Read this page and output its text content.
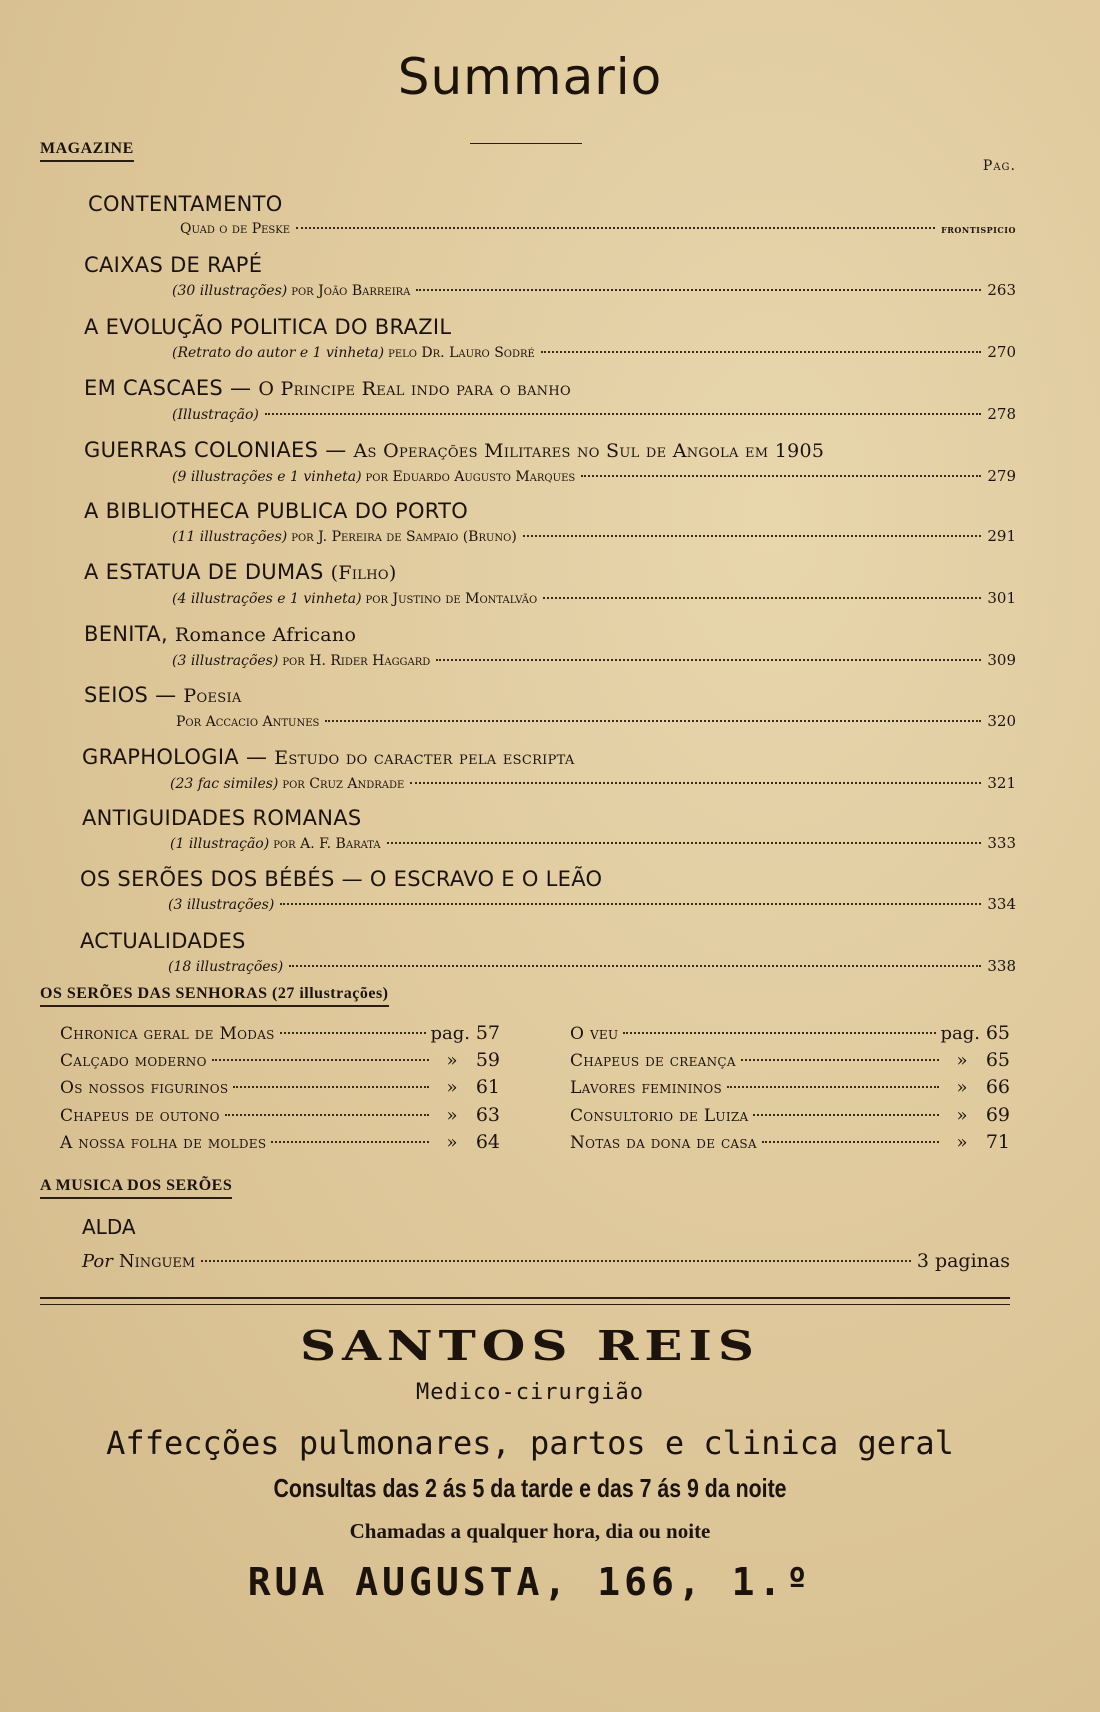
Summario
MAGAZINE
Pag.
CONTENTAMENTO
Quad o de Peske	frontispicio
CAIXAS DE RAPÉ
(30 illustrações) por João Barreira	263
A EVOLUÇÃO POLITICA DO BRAZIL
(Retrato do autor e 1 vinheta) pelo Dr. Lauro Sodré	270
EM CASCAES — O Principe Real indo para o banho
(Illustração)	278
GUERRAS COLONIAES — As Operações Militares no Sul de Angola em 1905
(9 illustrações e 1 vinheta) por Eduardo Augusto Marques	279
A BIBLIOTHECA PUBLICA DO PORTO
(11 illustrações) por J. Pereira de Sampaio (Bruno)	291
A ESTATUA DE DUMAS (Filho)
(4 illustrações e 1 vinheta) por Justino de Montalvão	301
BENITA, Romance Africano
(3 illustrações) por H. Rider Haggard	309
SEIOS — Poesia
Por Accacio Antunes	320
GRAPHOLOGIA — Estudo do caracter pela escripta
(23 fac similes) por Cruz Andrade	321
ANTIGUIDADES ROMANAS
(1 illustração) por A. F. Barata	333
OS SERÕES DOS BÉBÉS — O ESCRAVO E O LEÃO
(3 illustrações)	334
ACTUALIDADES
(18 illustrações)	338
OS SERÕES DAS SENHORAS (27 illustrações)
Chronica geral de Modas	pag. 57
Calçado moderno	» 59
Os nossos figurinos	» 61
Chapeus de outono	» 63
A nossa folha de moldes	» 64
O veu	pag. 65
Chapeus de creança	» 65
Lavores femininos	» 66
Consultorio de Luiza	» 69
Notas da dona de casa	» 71
A MUSICA DOS SERÕES
ALDA
Por Ninguem	3 paginas
SANTOS REIS
Medico-cirurgião
Affecções pulmonares, partos e clinica geral
Consultas das 2 ás 5 da tarde e das 7 ás 9 da noite
Chamadas a qualquer hora, dia ou noite
RUA AUGUSTA, 166, 1.º
